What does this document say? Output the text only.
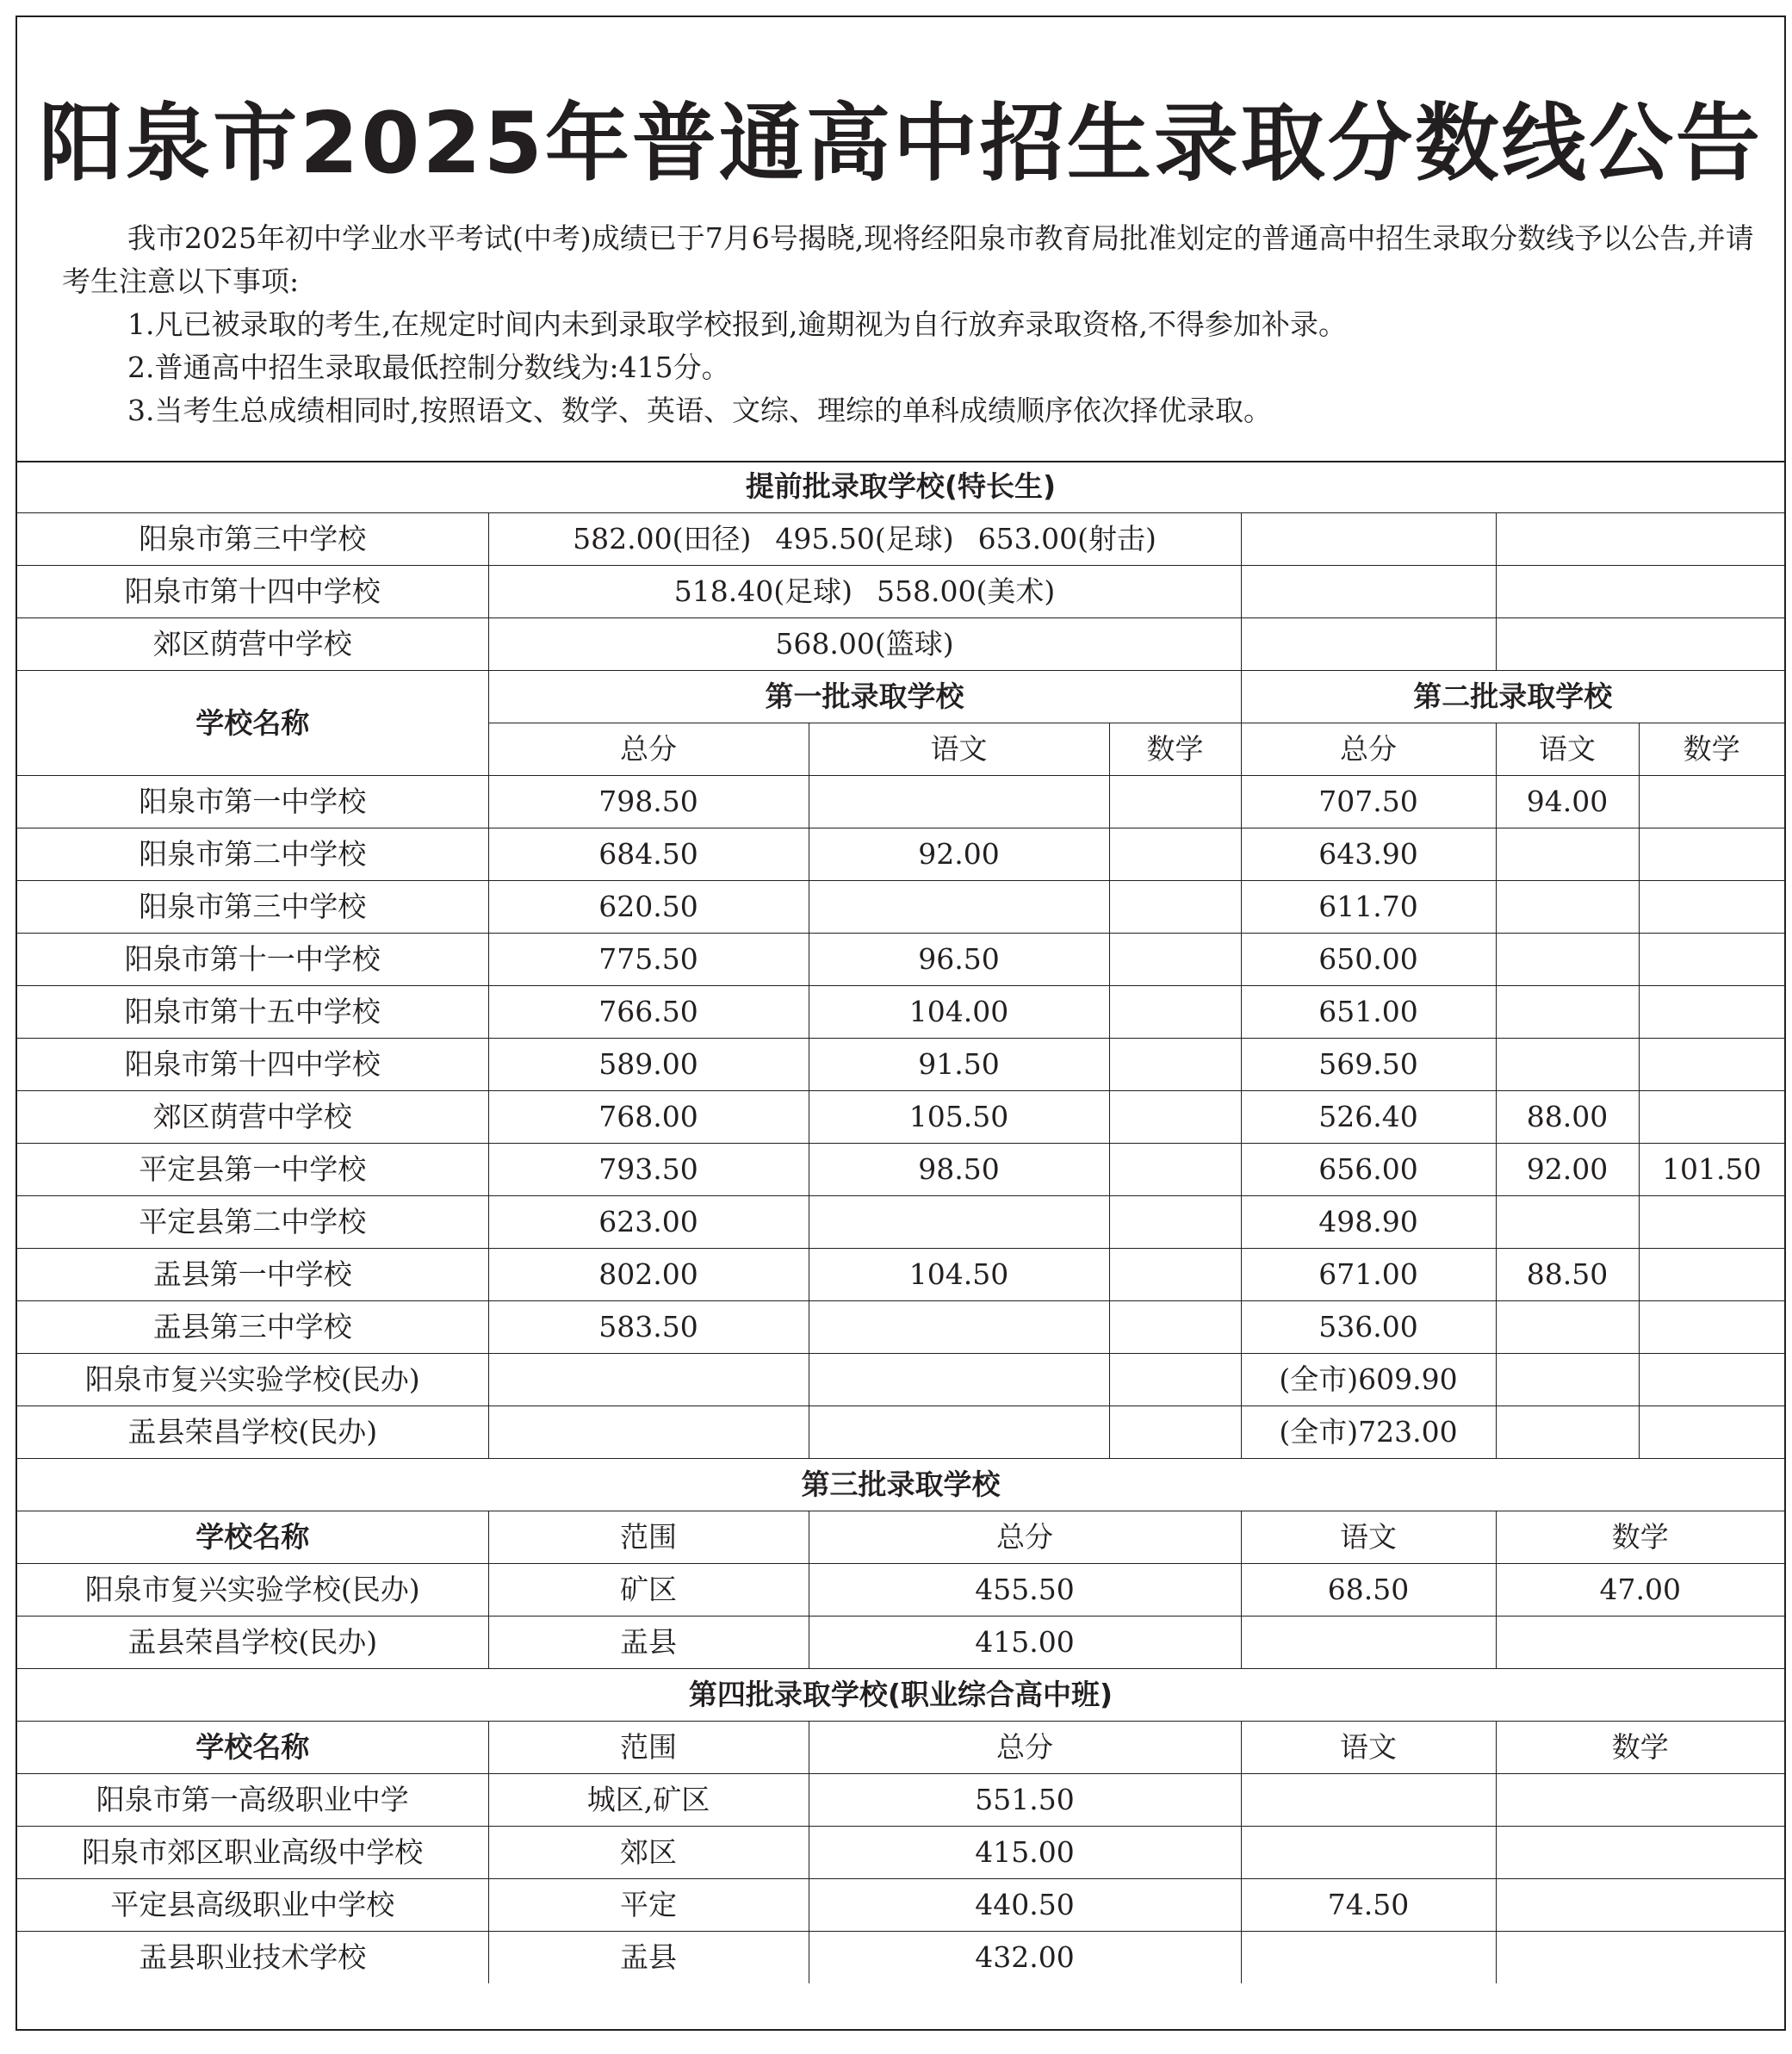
阳泉市2025年普通高中招生录取分数线公告

我市2025年初中学业水平考试(中考)成绩已于7月6号揭晓,现将经阳泉市教育局批准划定的普通高中招生录取分数线予以公告,并请考生注意以下事项:

1.凡已被录取的考生,在规定时间内未到录取学校报到,逾期视为自行放弃录取资格,不得参加补录。

2.普通高中招生录取最低控制分数线为:415分。

3.当考生总成绩相同时,按照语文、数学、英语、文综、理综的单科成绩顺序依次择优录取。

提前批录取学校(特长生)						
阳泉市第三中学校	582.00(田径) 495.50(足球) 653.00(射击)					
阳泉市第十四中学校	518.40(足球) 558.00(美术)					
郊区荫营中学校	568.00(篮球)					
学校名称	第一批录取学校			第二批录取学校		
	总分	语文	数学	总分	语文	数学
阳泉市第一中学校	798.50			707.50	94.00	
阳泉市第二中学校	684.50	92.00		643.90		
阳泉市第三中学校	620.50			611.70		
阳泉市第十一中学校	775.50	96.50		650.00		
阳泉市第十五中学校	766.50	104.00		651.00		
阳泉市第十四中学校	589.00	91.50		569.50		
郊区荫营中学校	768.00	105.50		526.40	88.00	
平定县第一中学校	793.50	98.50		656.00	92.00	101.50
平定县第二中学校	623.00			498.90		
盂县第一中学校	802.00	104.50		671.00	88.50	
盂县第三中学校	583.50			536.00		
阳泉市复兴实验学校(民办)				(全市)609.90		
盂县荣昌学校(民办)				(全市)723.00		
第三批录取学校						
学校名称	范围	总分		语文	数学	
阳泉市复兴实验学校(民办)	矿区	455.50		68.50	47.00	
盂县荣昌学校(民办)	盂县	415.00				
第四批录取学校(职业综合高中班)						
学校名称	范围	总分		语文	数学	
阳泉市第一高级职业中学	城区,矿区	551.50				
阳泉市郊区职业高级中学校	郊区	415.00				
平定县高级职业中学校	平定	440.50		74.50		
盂县职业技术学校	盂县	432.00				
